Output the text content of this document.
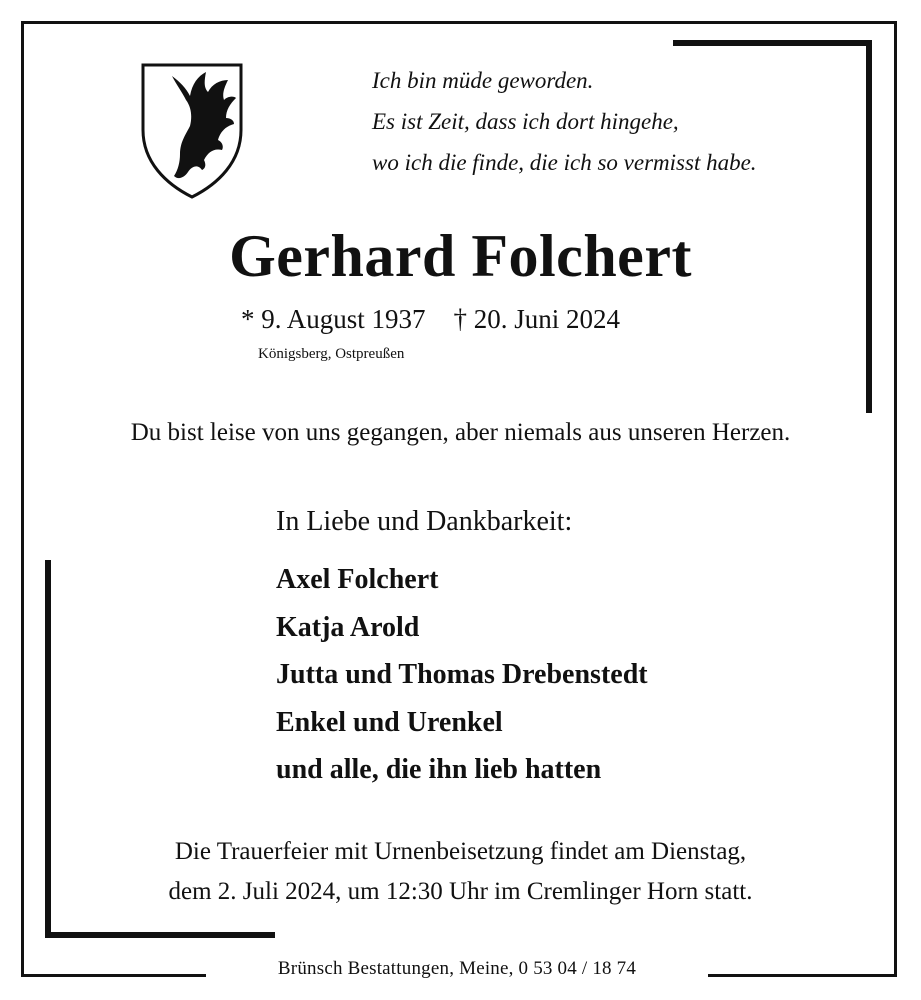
Ich bin müde geworden.
Es ist Zeit, dass ich dort hingehe,
wo ich die finde, die ich so vermisst habe.
Gerhard Folchert
* 9. August 1937 † 20. Juni 2024
Königsberg, Ostpreußen
Du bist leise von uns gegangen, aber niemals aus unseren Herzen.
In Liebe und Dankbarkeit:
Axel Folchert
Katja Arold
Jutta und Thomas Drebenstedt
Enkel und Urenkel
und alle, die ihn lieb hatten
Die Trauerfeier mit Urnenbeisetzung findet am Dienstag,
dem 2. Juli 2024, um 12:30 Uhr im Cremlinger Horn statt.
Brünsch Bestattungen, Meine, 0 53 04 / 18 74
